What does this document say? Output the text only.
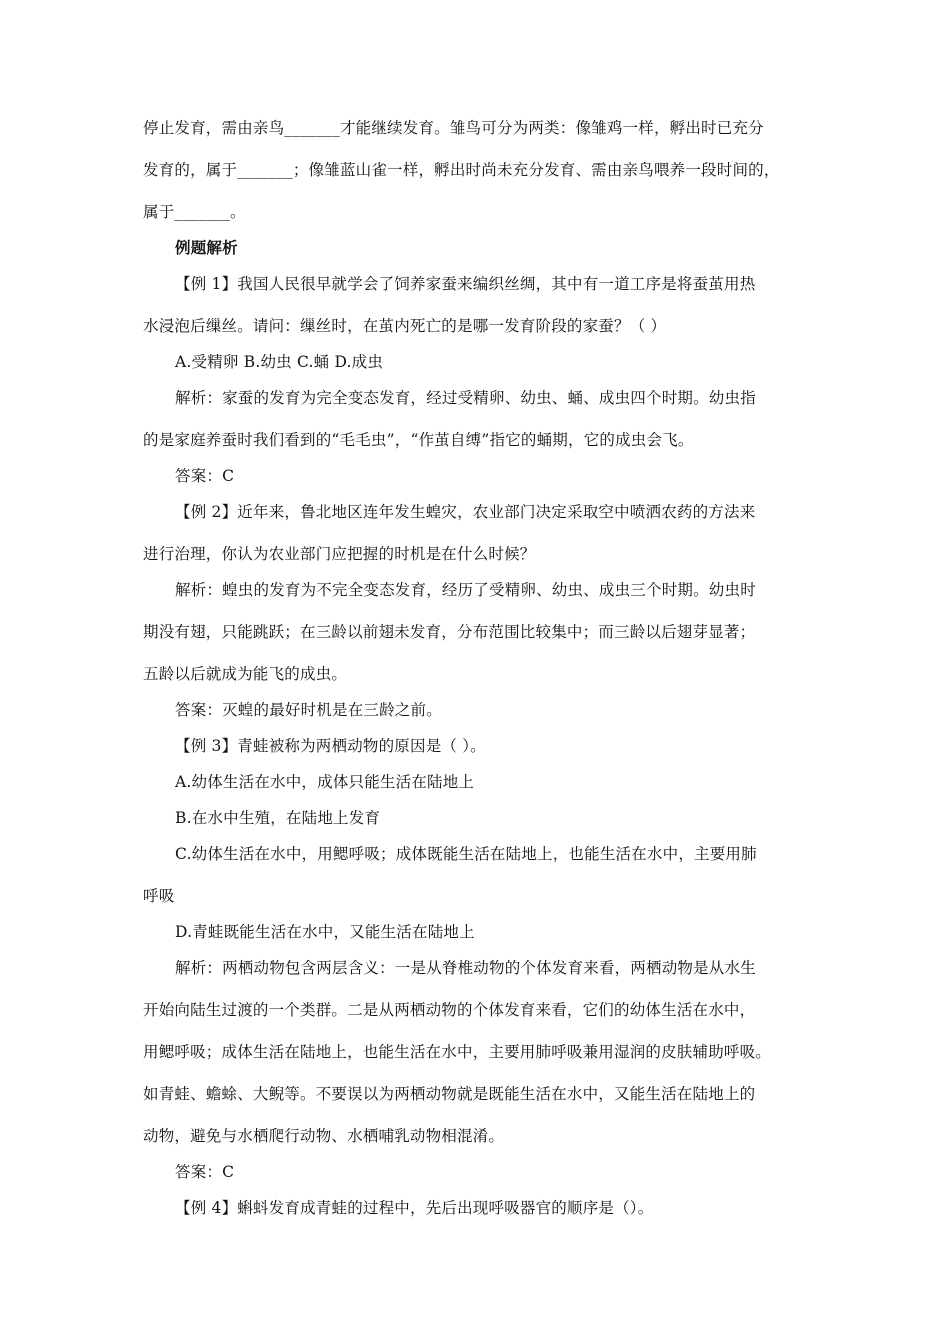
停止发育，需由亲鸟_______才能继续发育。雏鸟可分为两类：像雏鸡一样，孵出时已充分

发育的，属于_______；像雏蓝山雀一样，孵出时尚未充分发育、需由亲鸟喂养一段时间的，

属于_______。

例题解析

【例 1】我国人民很早就学会了饲养家蚕来编织丝绸，其中有一道工序是将蚕茧用热

水浸泡后缫丝。请问：缫丝时，在茧内死亡的是哪一发育阶段的家蚕？（ ）

A.受精卵 B.幼虫 C.蛹 D.成虫

解析：家蚕的发育为完全变态发育，经过受精卵、幼虫、蛹、成虫四个时期。幼虫指

的是家庭养蚕时我们看到的“毛毛虫”，“作茧自缚”指它的蛹期，它的成虫会飞。

答案：C

【例 2】近年来，鲁北地区连年发生蝗灾，农业部门决定采取空中喷洒农药的方法来

进行治理，你认为农业部门应把握的时机是在什么时候？

解析：蝗虫的发育为不完全变态发育，经历了受精卵、幼虫、成虫三个时期。幼虫时

期没有翅，只能跳跃；在三龄以前翅未发育，分布范围比较集中；而三龄以后翅芽显著；

五龄以后就成为能飞的成虫。

答案：灭蝗的最好时机是在三龄之前。

【例 3】青蛙被称为两栖动物的原因是（ ）。

A.幼体生活在水中，成体只能生活在陆地上

B.在水中生殖，在陆地上发育

C.幼体生活在水中，用鳃呼吸；成体既能生活在陆地上，也能生活在水中，主要用肺

呼吸

D.青蛙既能生活在水中，又能生活在陆地上

解析：两栖动物包含两层含义：一是从脊椎动物的个体发育来看，两栖动物是从水生

开始向陆生过渡的一个类群。二是从两栖动物的个体发育来看，它们的幼体生活在水中，

用鳃呼吸；成体生活在陆地上，也能生活在水中，主要用肺呼吸兼用湿润的皮肤辅助呼吸。

如青蛙、蟾蜍、大鲵等。不要误以为两栖动物就是既能生活在水中，又能生活在陆地上的

动物，避免与水栖爬行动物、水栖哺乳动物相混淆。

答案：C

【例 4】蝌蚪发育成青蛙的过程中，先后出现呼吸器官的顺序是（）。
